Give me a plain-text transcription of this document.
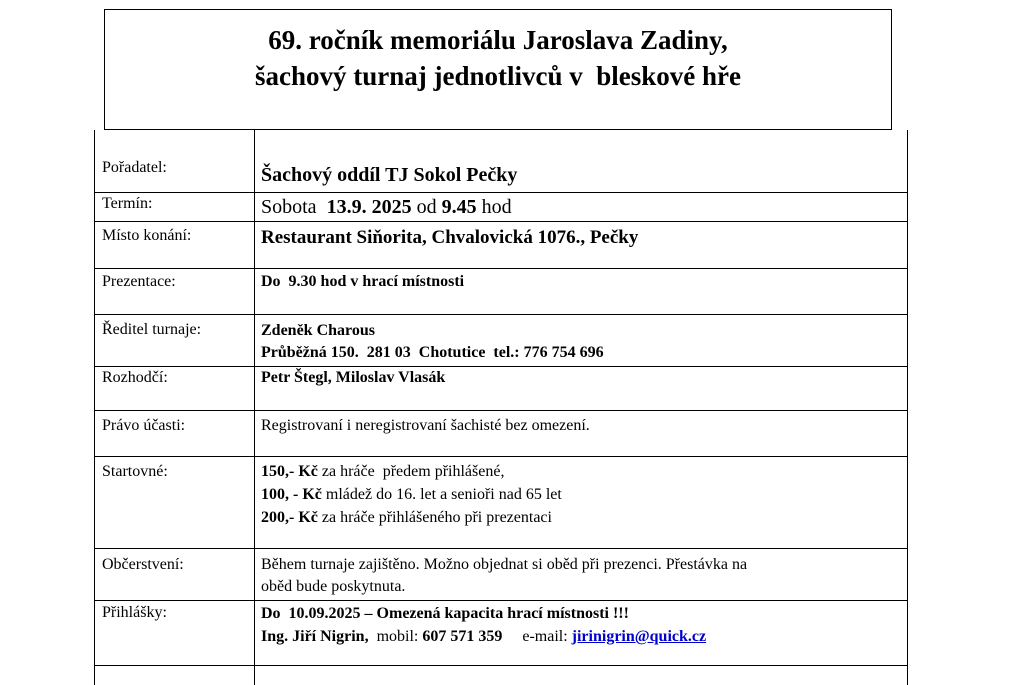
69. ročník memoriálu Jaroslava Zadiny,
šachový turnaj jednotlivců v  bleskové hře
Pořadatel:	Šachový oddíl TJ Sokol Pečky
Termín:	Sobota 13.9. 2025 od 9.45 hod
Místo konání:	Restaurant Siňorita, Chvalovická 1076., Pečky
Prezentace:	Do  9.30 hod v hrací místnosti
Ředitel turnaje:	Zdeněk Charous
Průběžná 150.  281 03  Chotutice  tel.: 776 754 696
Rozhodčí:	Petr Štegl, Miloslav Vlasák
Právo účasti:	Registrovaní i neregistrovaní šachisté bez omezení.
Startovné:	150,- Kč za hráče  předem přihlášené,
100, - Kč mládež do 16. let a senioři nad 65 let
200,- Kč za hráče přihlášeného při prezentaci
Občerstvení:	Během turnaje zajištěno. Možno objednat si oběd při prezenci. Přestávka na
oběd bude poskytnuta.
Přihlášky:	Do  10.09.2025 – Omezená kapacita hrací místnosti !!!
Ing. Jiří Nigrin,  mobil: 607 571 359     e-mail: jirinigrin@quick.cz
